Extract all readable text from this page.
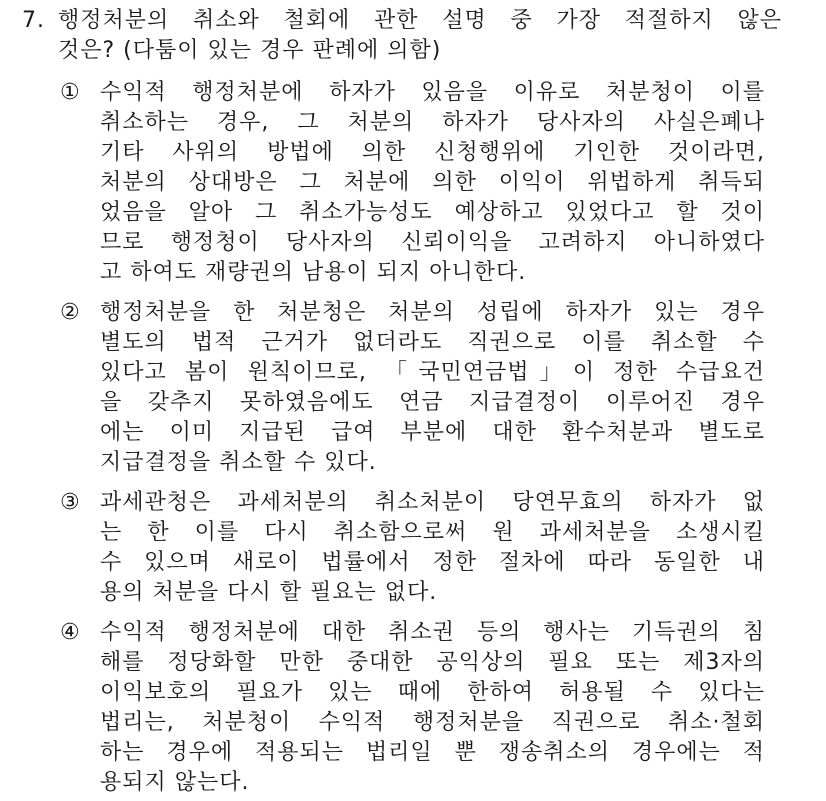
7. 행정처분의 취소와 철회에 관한 설명 중 가장 적절하지 않은
것은? (다툼이 있는 경우 판례에 의함)
① 수익적 행정처분에 하자가 있음을 이유로 처분청이 이를
취소하는 경우, 그 처분의 하자가 당사자의 사실은폐나
기타 사위의 방법에 의한 신청행위에 기인한 것이라면,
처분의 상대방은 그 처분에 의한 이익이 위법하게 취득되
었음을 알아 그 취소가능성도 예상하고 있었다고 할 것이
므로 행정청이 당사자의 신뢰이익을 고려하지 아니하였다
고 하여도 재량권의 남용이 되지 아니한다.
② 행정처분을 한 처분청은 처분의 성립에 하자가 있는 경우
별도의 법적 근거가 없더라도 직권으로 이를 취소할 수
있다고 봄이 원칙이므로, 「국민연금법」이 정한 수급요건
을 갖추지 못하였음에도 연금 지급결정이 이루어진 경우
에는 이미 지급된 급여 부분에 대한 환수처분과 별도로
지급결정을 취소할 수 있다.
③ 과세관청은 과세처분의 취소처분이 당연무효의 하자가 없
는 한 이를 다시 취소함으로써 원 과세처분을 소생시킬
수 있으며 새로이 법률에서 정한 절차에 따라 동일한 내
용의 처분을 다시 할 필요는 없다.
④ 수익적 행정처분에 대한 취소권 등의 행사는 기득권의 침
해를 정당화할 만한 중대한 공익상의 필요 또는 제3자의
이익보호의 필요가 있는 때에 한하여 허용될 수 있다는
법리는, 처분청이 수익적 행정처분을 직권으로 취소·철회
하는 경우에 적용되는 법리일 뿐 쟁송취소의 경우에는 적
용되지 않는다.
